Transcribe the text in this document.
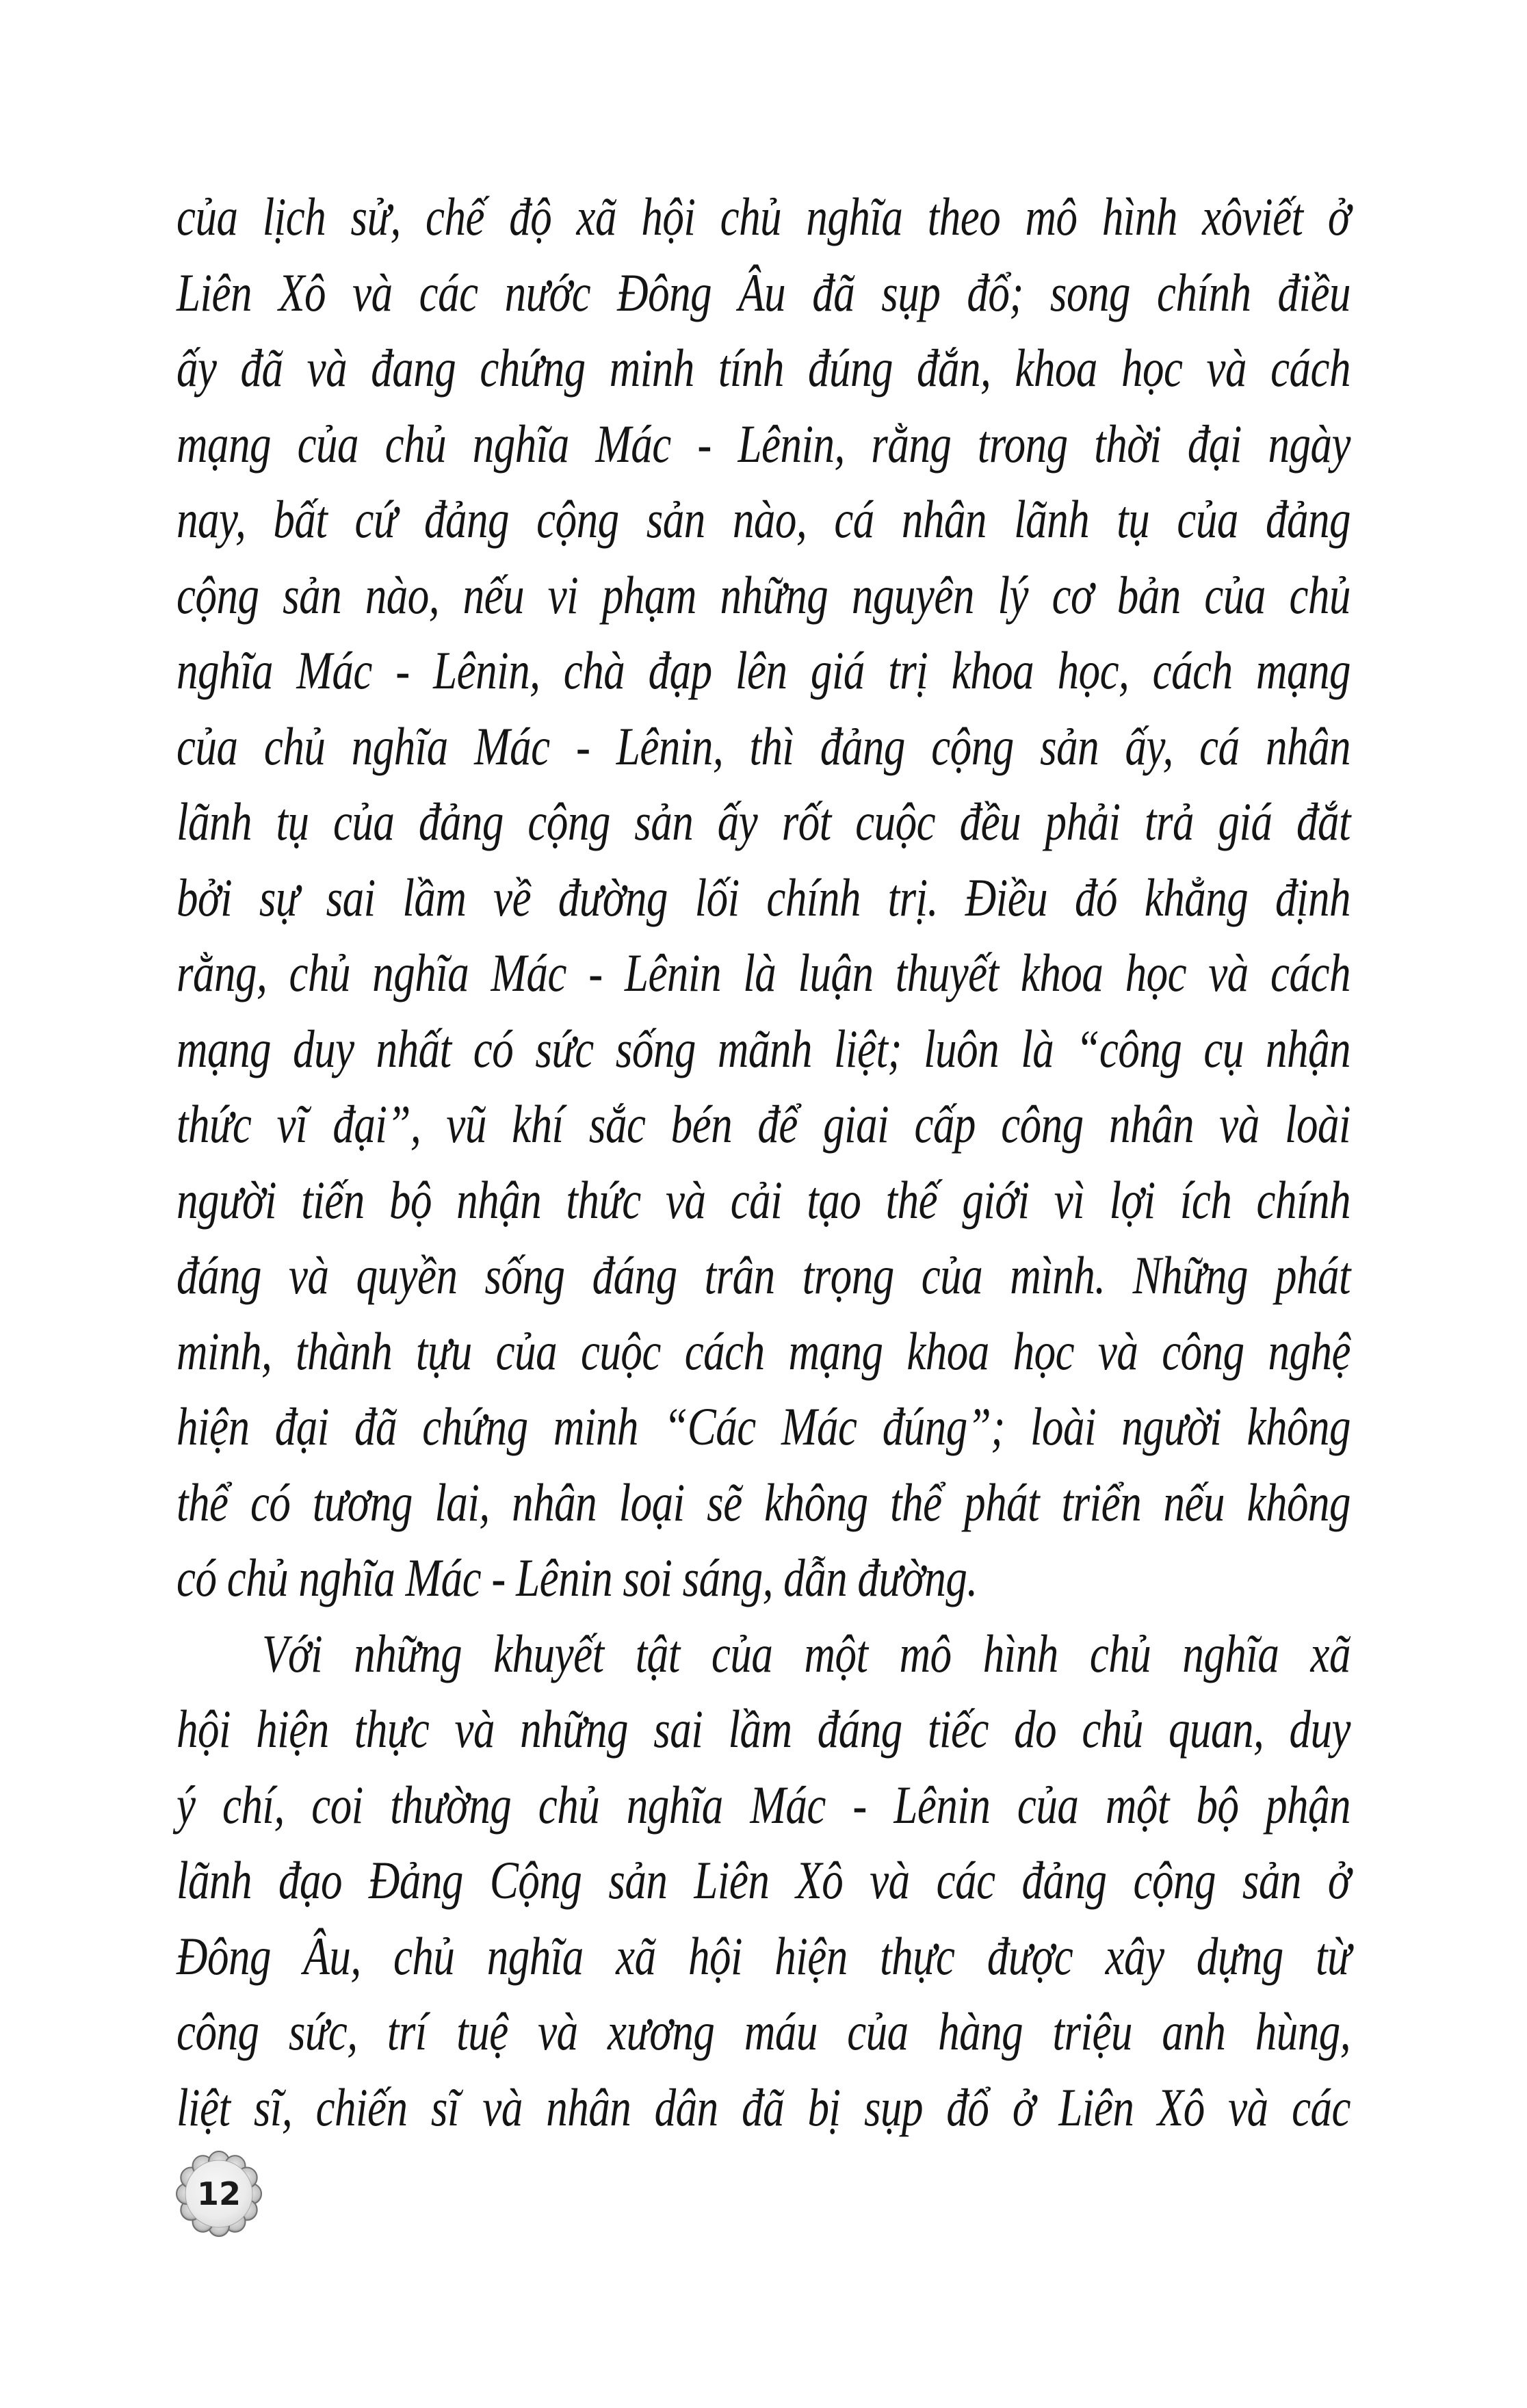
của lịch sử, chế độ xã hội chủ nghĩa theo mô hình xôviết ở
Liên Xô và các nước Đông Âu đã sụp đổ; song chính điều
ấy đã và đang chứng minh tính đúng đắn, khoa học và cách
mạng của chủ nghĩa Mác - Lênin, rằng trong thời đại ngày
nay, bất cứ đảng cộng sản nào, cá nhân lãnh tụ của đảng
cộng sản nào, nếu vi phạm những nguyên lý cơ bản của chủ
nghĩa Mác - Lênin, chà đạp lên giá trị khoa học, cách mạng
của chủ nghĩa Mác - Lênin, thì đảng cộng sản ấy, cá nhân
lãnh tụ của đảng cộng sản ấy rốt cuộc đều phải trả giá đắt
bởi sự sai lầm về đường lối chính trị. Điều đó khẳng định
rằng, chủ nghĩa Mác - Lênin là luận thuyết khoa học và cách
mạng duy nhất có sức sống mãnh liệt; luôn là “công cụ nhận
thức vĩ đại”, vũ khí sắc bén để giai cấp công nhân và loài
người tiến bộ nhận thức và cải tạo thế giới vì lợi ích chính
đáng và quyền sống đáng trân trọng của mình. Những phát
minh, thành tựu của cuộc cách mạng khoa học và công nghệ
hiện đại đã chứng minh “Các Mác đúng”; loài người không
thể có tương lai, nhân loại sẽ không thể phát triển nếu không
có chủ nghĩa Mác - Lênin soi sáng, dẫn đường.
Với những khuyết tật của một mô hình chủ nghĩa xã
hội hiện thực và những sai lầm đáng tiếc do chủ quan, duy
ý chí, coi thường chủ nghĩa Mác - Lênin của một bộ phận
lãnh đạo Đảng Cộng sản Liên Xô và các đảng cộng sản ở
Đông Âu, chủ nghĩa xã hội hiện thực được xây dựng từ
công sức, trí tuệ và xương máu của hàng triệu anh hùng,
liệt sĩ, chiến sĩ và nhân dân đã bị sụp đổ ở Liên Xô và các
12
